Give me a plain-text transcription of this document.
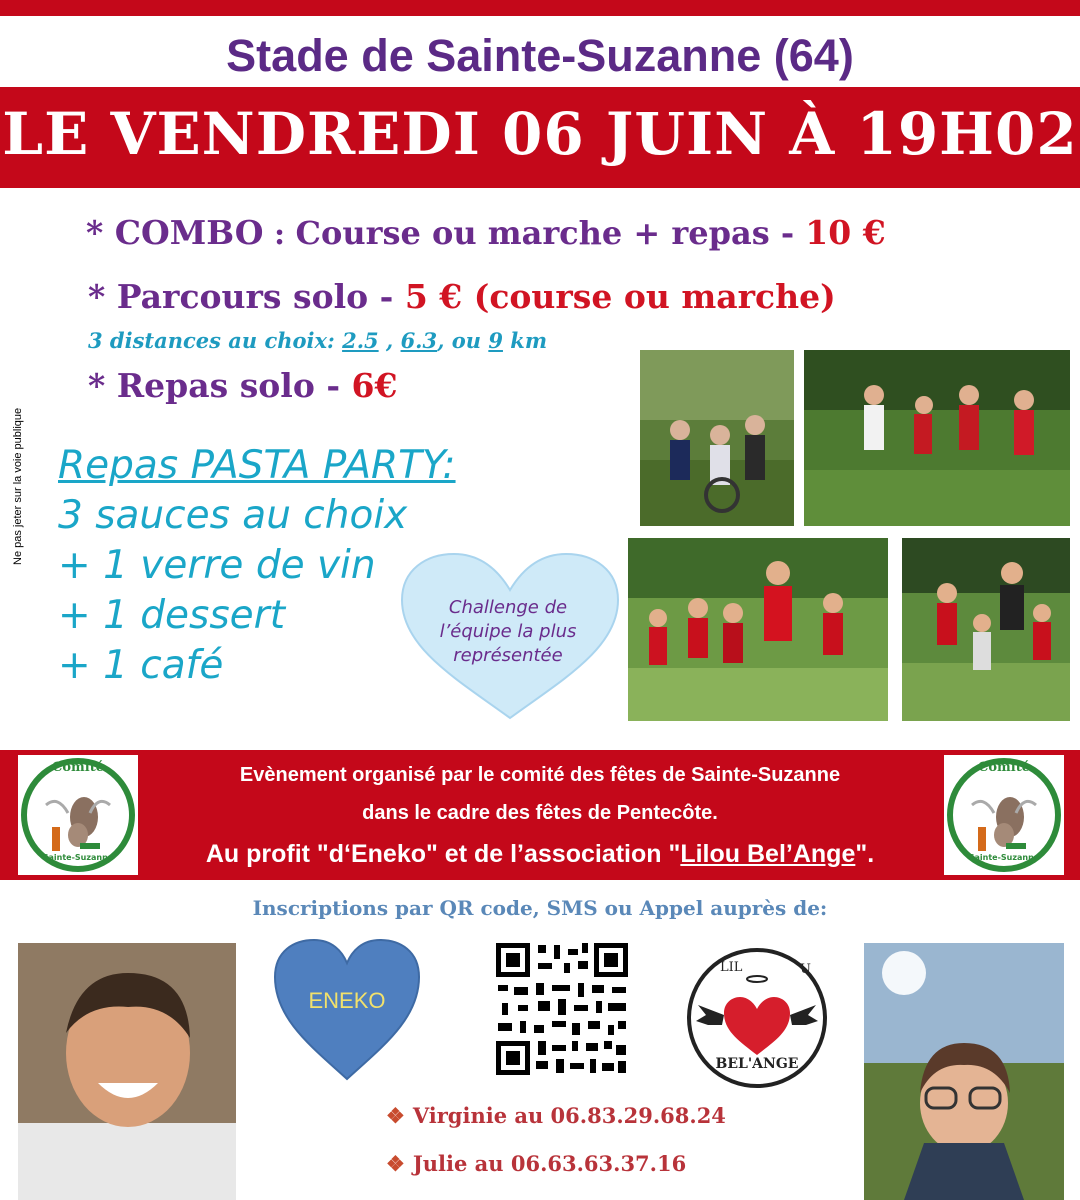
Stade de Sainte-Suzanne (64)
LE VENDREDI 06 JUIN À 19H02
* COMBO : Course ou marche + repas - 10 €
* Parcours solo - 5 € (course ou marche)
3 distances au choix: 2.5 , 6.3, ou 9 km
* Repas solo - 6€
Ne pas jeter sur la voie publique Repas PASTA PARTY:
3 sauces au choix
+ 1 verre de vin
+ 1 dessert
+ 1 café
Challenge de
l’équipe la plus
représentée
Comité
Sainte-Suzanne
Comité
Sainte-Suzanne
Evènement organisé par le comité des fêtes de Sainte-Suzanne
dans le cadre des fêtes de Pentecôte.
Au profit "d‘Eneko" et de l’association "Lilou Bel’Ange".
Inscriptions par QR code, SMS ou Appel auprès de:
ENEKO
LIL	U
BEL'ANGE
❖ Virginie au 06.83.29.68.24
❖ Julie au 06.63.63.37.16
